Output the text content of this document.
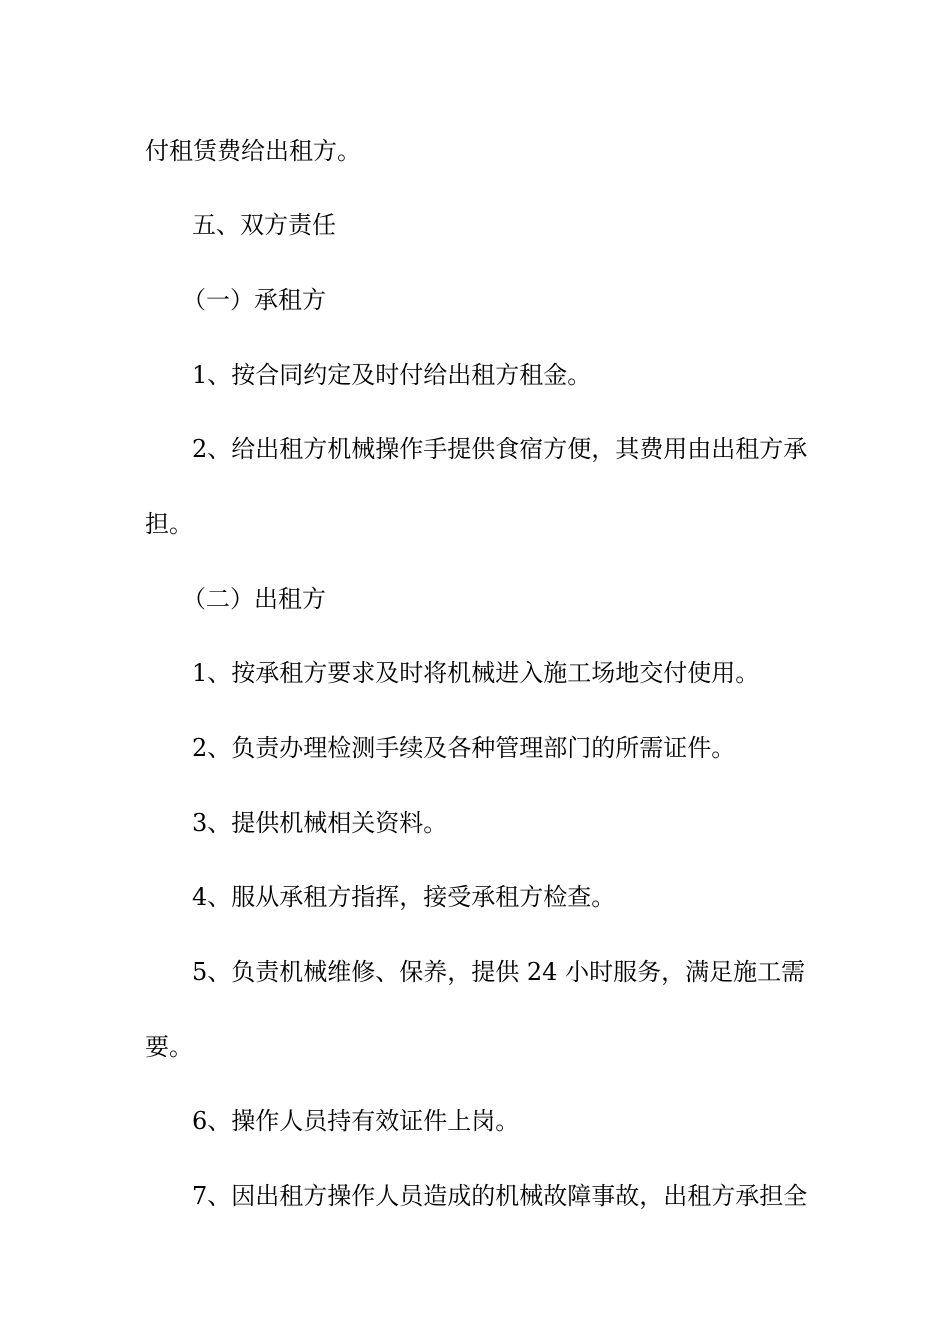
付租赁费给出租方。

五、双方责任

（一）承租方

1、按合同约定及时付给出租方租金。

2、给出租方机械操作手提供食宿方便，其费用由出租方承

担。

（二）出租方

1、按承租方要求及时将机械进入施工场地交付使用。

2、负责办理检测手续及各种管理部门的所需证件。

3、提供机械相关资料。

4、服从承租方指挥，接受承租方检查。

5、负责机械维修、保养，提供 24 小时服务，满足施工需

要。

6、操作人员持有效证件上岗。

7、因出租方操作人员造成的机械故障事故，出租方承担全
